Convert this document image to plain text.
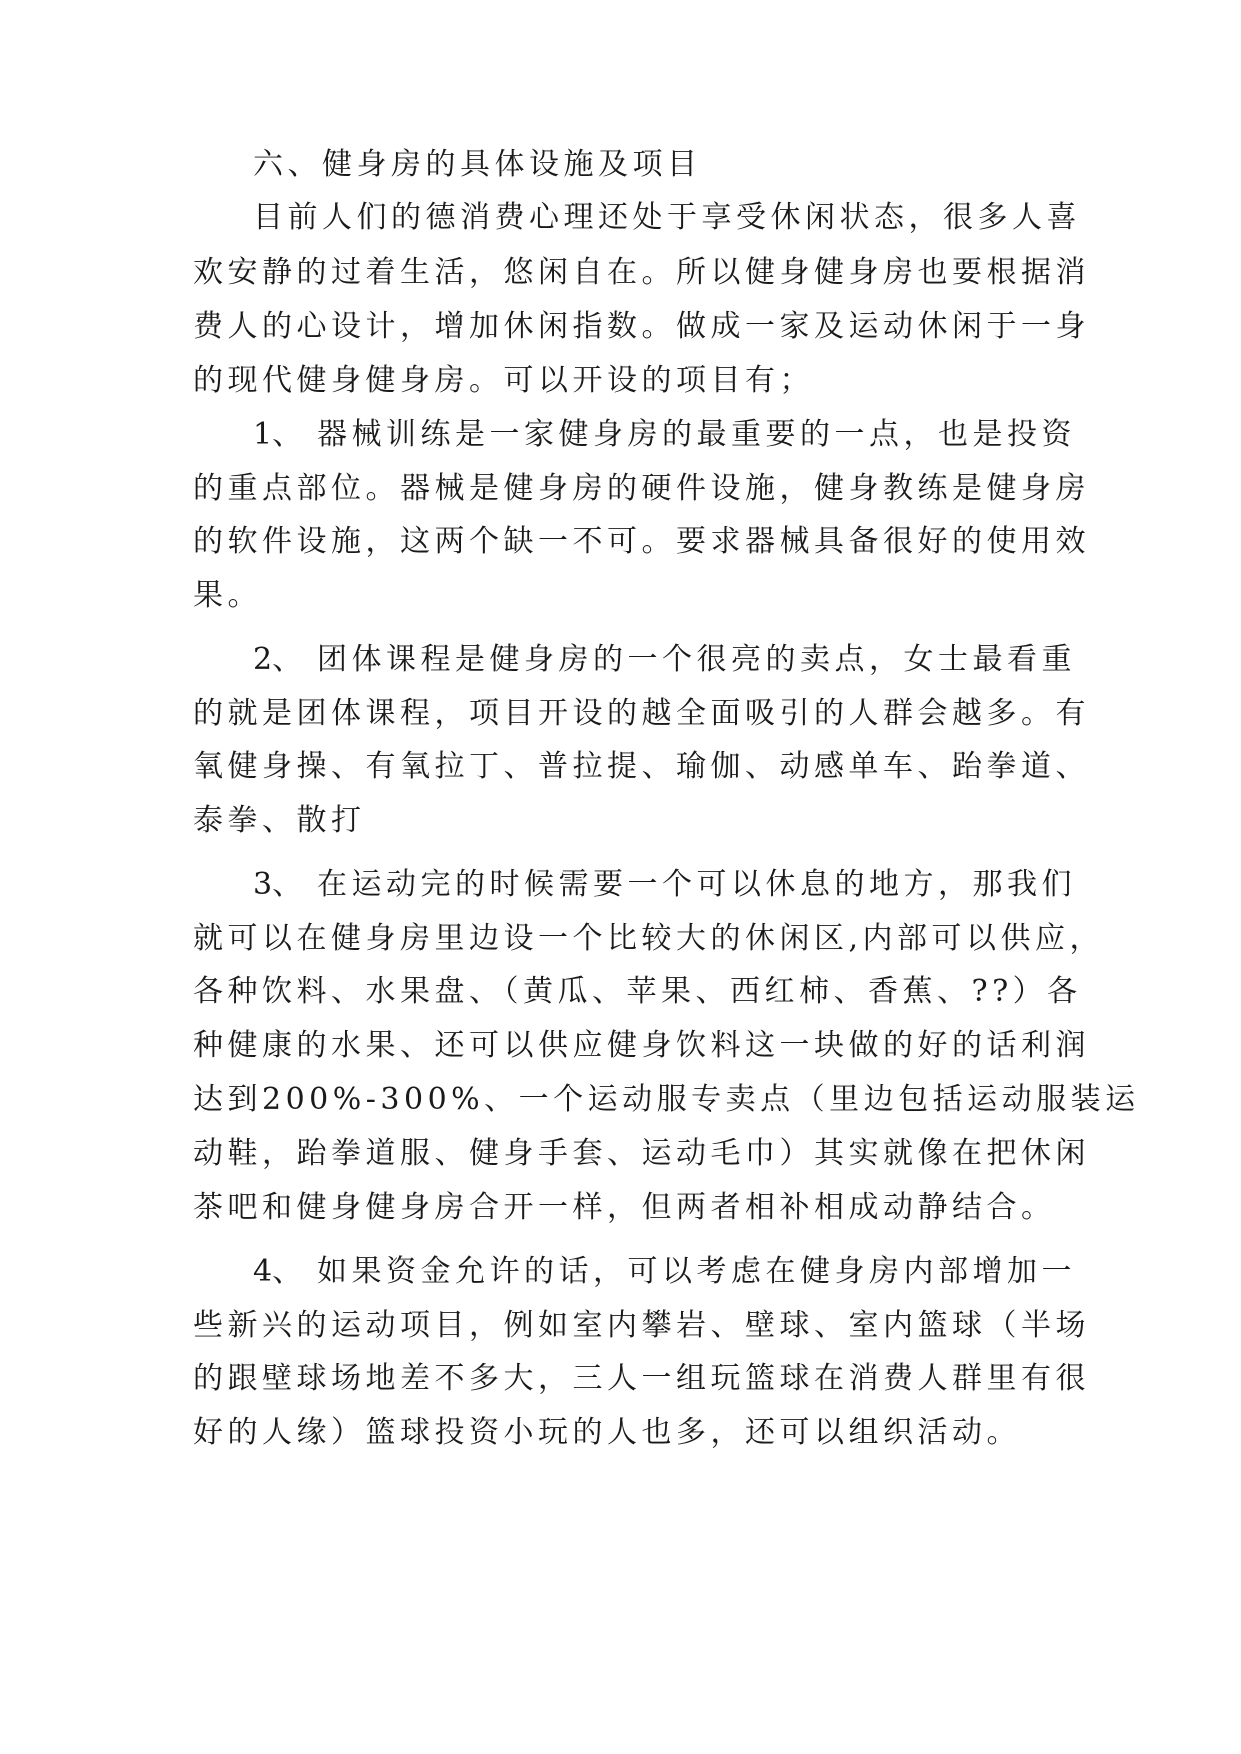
六、健身房的具体设施及项目
目前人们的德消费心理还处于享受休闲状态，很多人喜
欢安静的过着生活，悠闲自在。所以健身健身房也要根据消
费人的心设计，增加休闲指数。做成一家及运动休闲于一身
的现代健身健身房。可以开设的项目有；
1、 器械训练是一家健身房的最重要的一点，也是投资
的重点部位。器械是健身房的硬件设施，健身教练是健身房
的软件设施，这两个缺一不可。要求器械具备很好的使用效
果。
2、 团体课程是健身房的一个很亮的卖点，女士最看重
的就是团体课程，项目开设的越全面吸引的人群会越多。有
氧健身操、有氧拉丁、普拉提、瑜伽、动感单车、跆拳道、
泰拳、散打
3、 在运动完的时候需要一个可以休息的地方，那我们
就可以在健身房里边设一个比较大的休闲区,内部可以供应，
各种饮料、水果盘、（黄瓜、苹果、西红柿、香蕉、??）各
种健康的水果、还可以供应健身饮料这一块做的好的话利润
达到200%-300%、一个运动服专卖点（里边包括运动服装运
动鞋，跆拳道服、健身手套、运动毛巾）其实就像在把休闲
茶吧和健身健身房合开一样，但两者相补相成动静结合。
4、 如果资金允许的话，可以考虑在健身房内部增加一
些新兴的运动项目，例如室内攀岩、壁球、室内篮球（半场
的跟壁球场地差不多大，三人一组玩篮球在消费人群里有很
好的人缘）篮球投资小玩的人也多，还可以组织活动。
